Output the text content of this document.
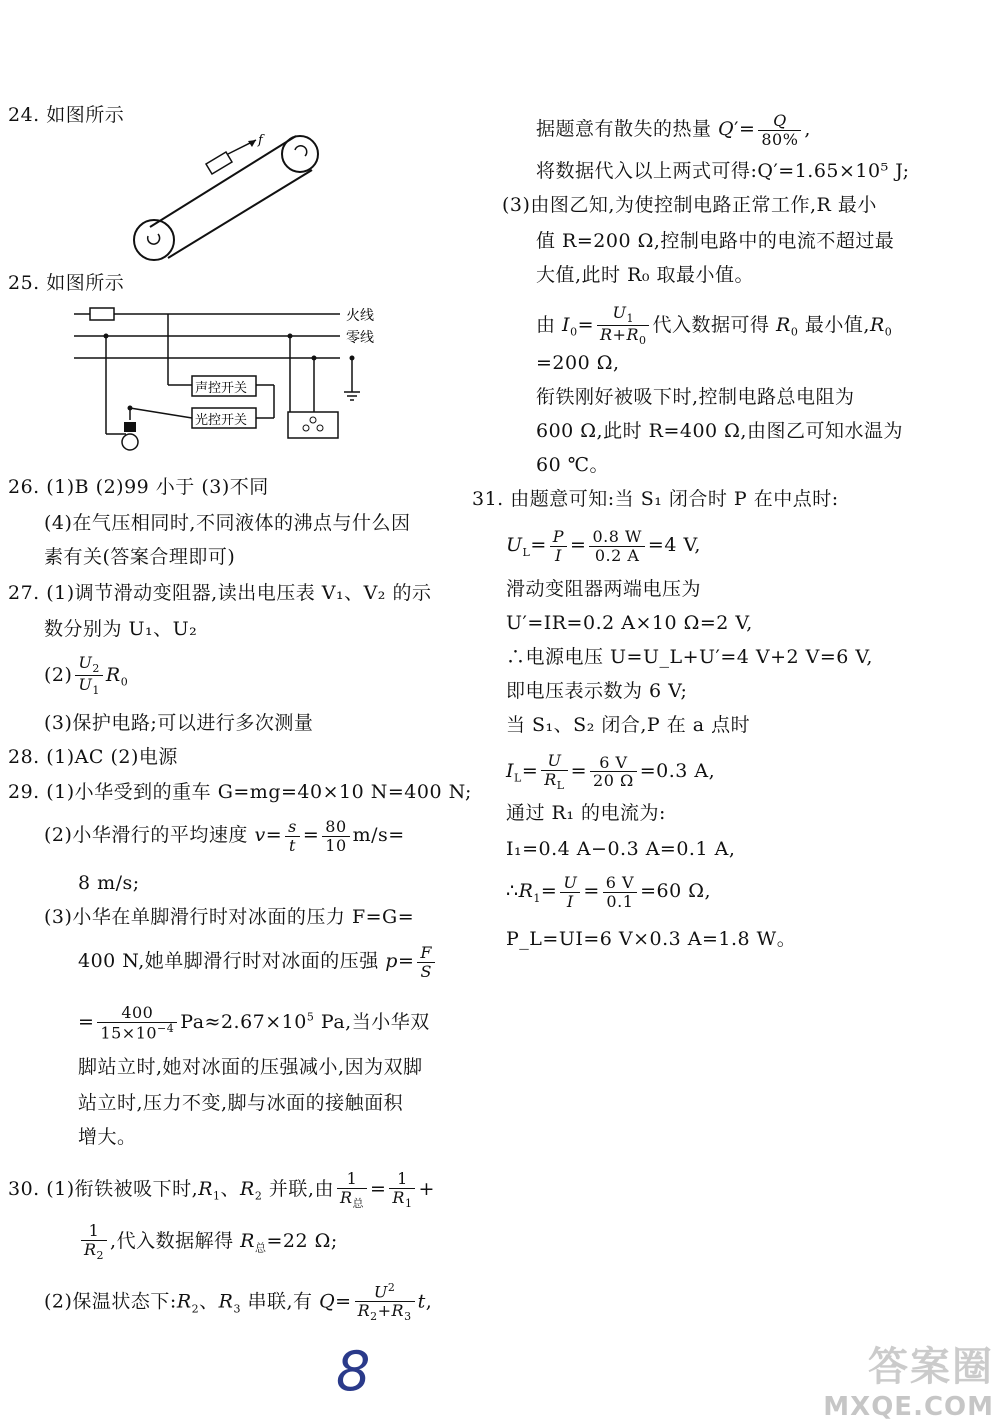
24. 如图所示
f
25. 如图所示
火线
零线
声控开关
光控开关
26. (1)B (2)99 小于 (3)不同
(4)在气压相同时,不同液体的沸点与什么因
素有关(答案合理即可)
27. (1)调节滑动变阻器,读出电压表 V₁、V₂ 的示
数分别为 U₁、U₂
$(2) \frac{U_2}{U_1} R_0$
(3)保护电路;可以进行多次测量
28. (1)AC (2)电源
29. (1)小华受到的重车 G=mg=40×10 N=400 N;
(2)小华滑行的平均速度 $v= \frac{s}{t} = \frac{80}{10} m/s=$
8 m/s;
(3)小华在单脚滑行时对冰面的压力 F=G=
400 N,她单脚滑行时对冰面的压强 $p= \frac{F}{S}$
= $\frac{400}{15\times 10^{-4}} Pa\approx 2.67\times 10^5$ Pa,当小华双
脚站立时,她对冰面的压强减小,因为双脚
站立时,压力不变,脚与冰面的接触面积
增大。
30. (1)衔铁被吸下时$,R_1$、$R_2$ 并联,由 $\frac{1}{R_总} = \frac{1}{R_1}$ +
$\frac{1}{R_2}$ ,代入数据解得 $R_总=22$ Ω;
(2)保温状态下$:R_2$、$R_3$ 串联,有 $Q= \frac{U^2}{R_2+R_3} t$,
据题意有散失的热量 $Q'= \frac{Q}{80\%}$ ,
将数据代入以上两式可得:Q′=1.65×10⁵ J;
(3)由图乙知,为使控制电路正常工作,R 最小
值 R=200 Ω,控制电路中的电流不超过最
大值,此时 R₀ 取最小值。
由 $I_0= \frac{U_1}{R+R_0}$ 代入数据可得 $R_0$ 最小值$,R_0$
=200 Ω,
衔铁刚好被吸下时,控制电路总电阻为
600 Ω,此时 R=400 Ω,由图乙可知水温为
60 ℃。
31. 由题意可知:当 S₁ 闭合时 P 在中点时:
$U_L= \frac{P}{I} = \frac{0.8 W}{0.2 A} =4$ V,
滑动变阻器两端电压为
U′=IR=0.2 A×10 Ω=2 V,
∴电源电压 U=U_L+U′=4 V+2 V=6 V,
即电压表示数为 6 V;
当 S₁、S₂ 闭合,P 在 a 点时
$I_L= \frac{U}{R_L} = \frac{6 V}{20 \Omega} =0.3$ A,
通过 R₁ 的电流为:
I₁=0.4 A−0.3 A=0.1 A,
$\therefore R_1= \frac{U}{I} = \frac{6 V}{0.1} =60$ Ω,
P_L=UI=6 V×0.3 A=1.8 W。
8	答案圈
MXQE.COM
